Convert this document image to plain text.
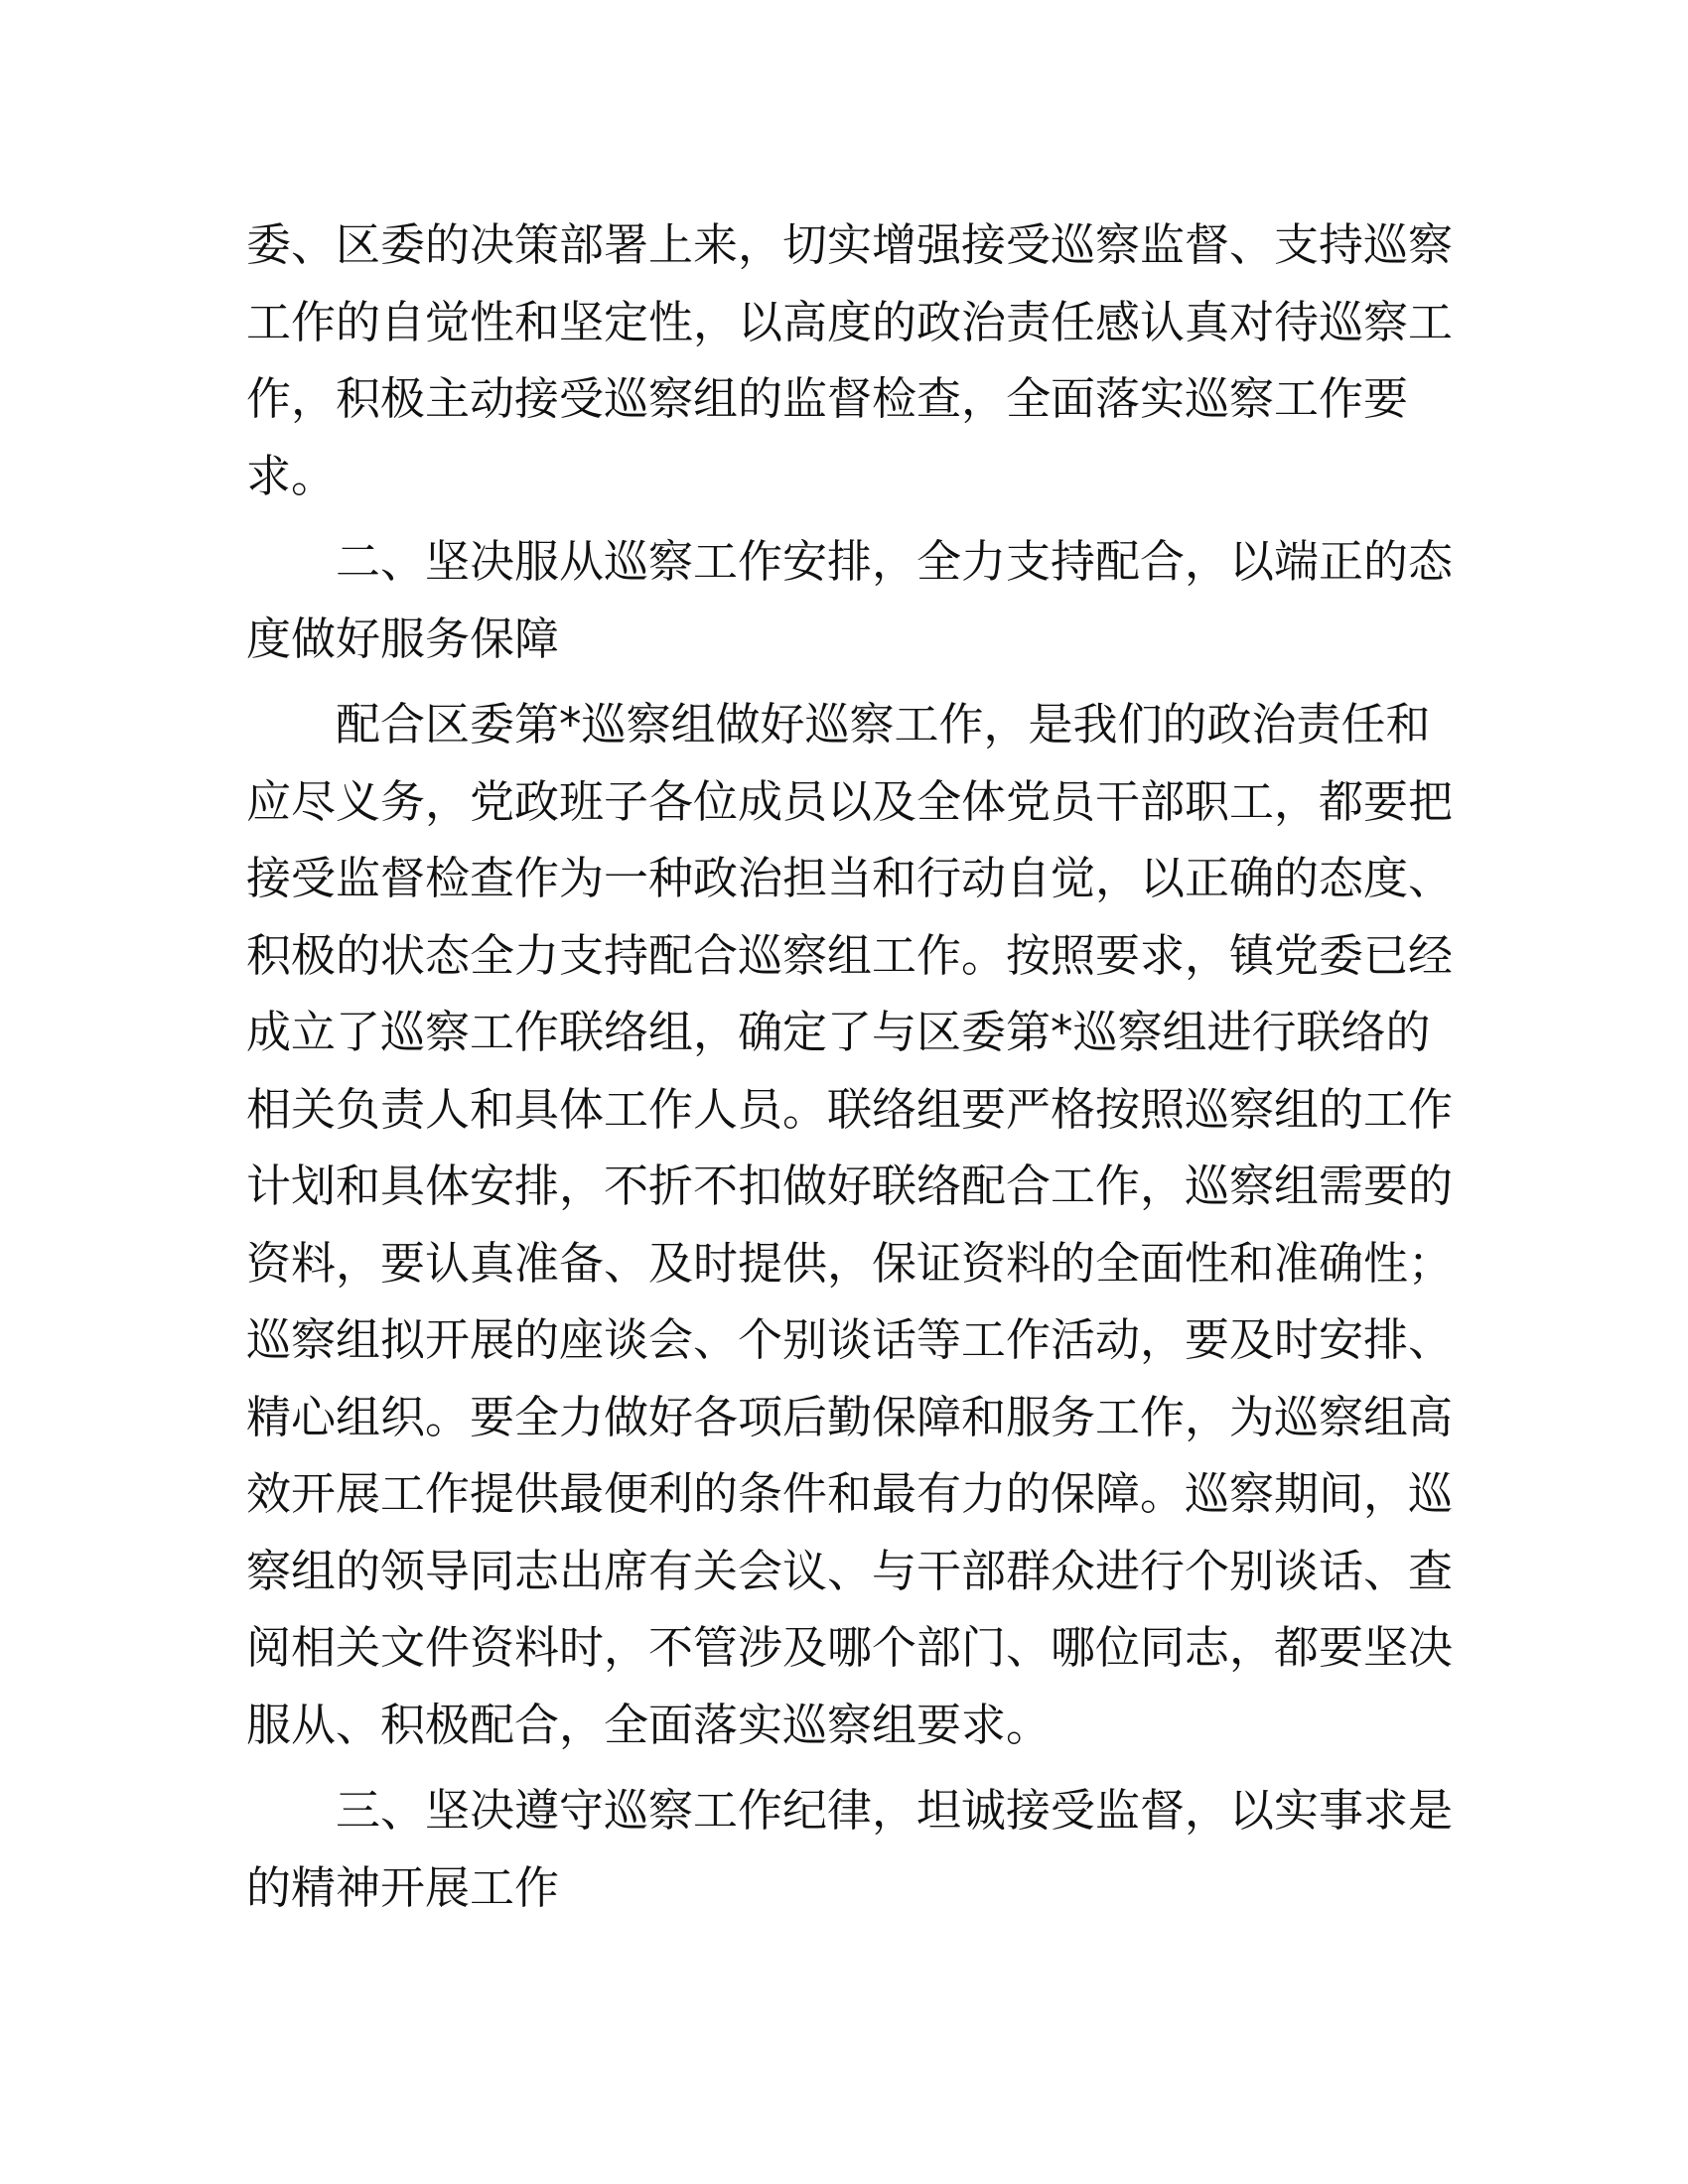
委、区委的决策部署上来，切实增强接受巡察监督、支持巡察
工作的自觉性和坚定性，以高度的政治责任感认真对待巡察工
作，积极主动接受巡察组的监督检查，全面落实巡察工作要
求。
二、坚决服从巡察工作安排，全力支持配合，以端正的态
度做好服务保障
配合区委第*巡察组做好巡察工作，是我们的政治责任和
应尽义务，党政班子各位成员以及全体党员干部职工，都要把
接受监督检查作为一种政治担当和行动自觉，以正确的态度、
积极的状态全力支持配合巡察组工作。按照要求，镇党委已经
成立了巡察工作联络组，确定了与区委第*巡察组进行联络的
相关负责人和具体工作人员。联络组要严格按照巡察组的工作
计划和具体安排，不折不扣做好联络配合工作，巡察组需要的
资料，要认真准备、及时提供，保证资料的全面性和准确性；
巡察组拟开展的座谈会、个别谈话等工作活动，要及时安排、
精心组织。要全力做好各项后勤保障和服务工作，为巡察组高
效开展工作提供最便利的条件和最有力的保障。巡察期间，巡
察组的领导同志出席有关会议、与干部群众进行个别谈话、查
阅相关文件资料时，不管涉及哪个部门、哪位同志，都要坚决
服从、积极配合，全面落实巡察组要求。
三、坚决遵守巡察工作纪律，坦诚接受监督，以实事求是
的精神开展工作
